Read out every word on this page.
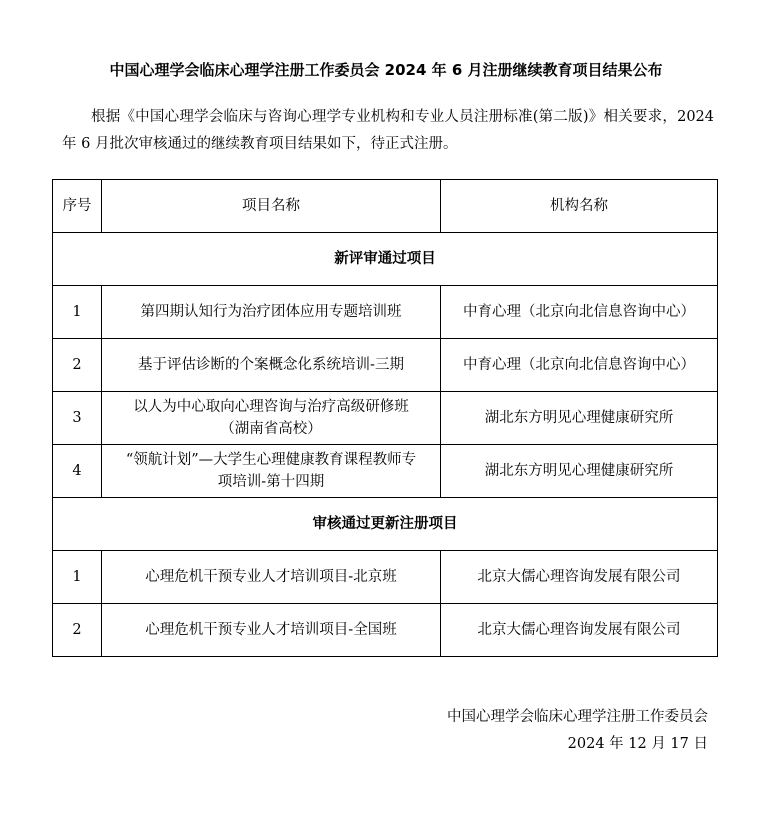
中国心理学会临床心理学注册工作委员会 2024 年 6 月注册继续教育项目结果公布
根据《中国心理学会临床与咨询心理学专业机构和专业人员注册标准(第二版)》相关要求，2024 年 6 月批次审核通过的继续教育项目结果如下，待正式注册。
序号	项目名称	机构名称
新评审通过项目		
1	第四期认知行为治疗团体应用专题培训班	中育心理（北京向北信息咨询中心）
2	基于评估诊断的个案概念化系统培训-三期	中育心理（北京向北信息咨询中心）
3	以人为中心取向心理咨询与治疗高级研修班（湖南省高校）	湖北东方明见心理健康研究所
4	“领航计划”—大学生心理健康教育课程教师专项培训-第十四期	湖北东方明见心理健康研究所
审核通过更新注册项目		
1	心理危机干预专业人才培训项目-北京班	北京大儒心理咨询发展有限公司
2	心理危机干预专业人才培训项目-全国班	北京大儒心理咨询发展有限公司
中国心理学会临床心理学注册工作委员会
2024 年 12 月 17 日
